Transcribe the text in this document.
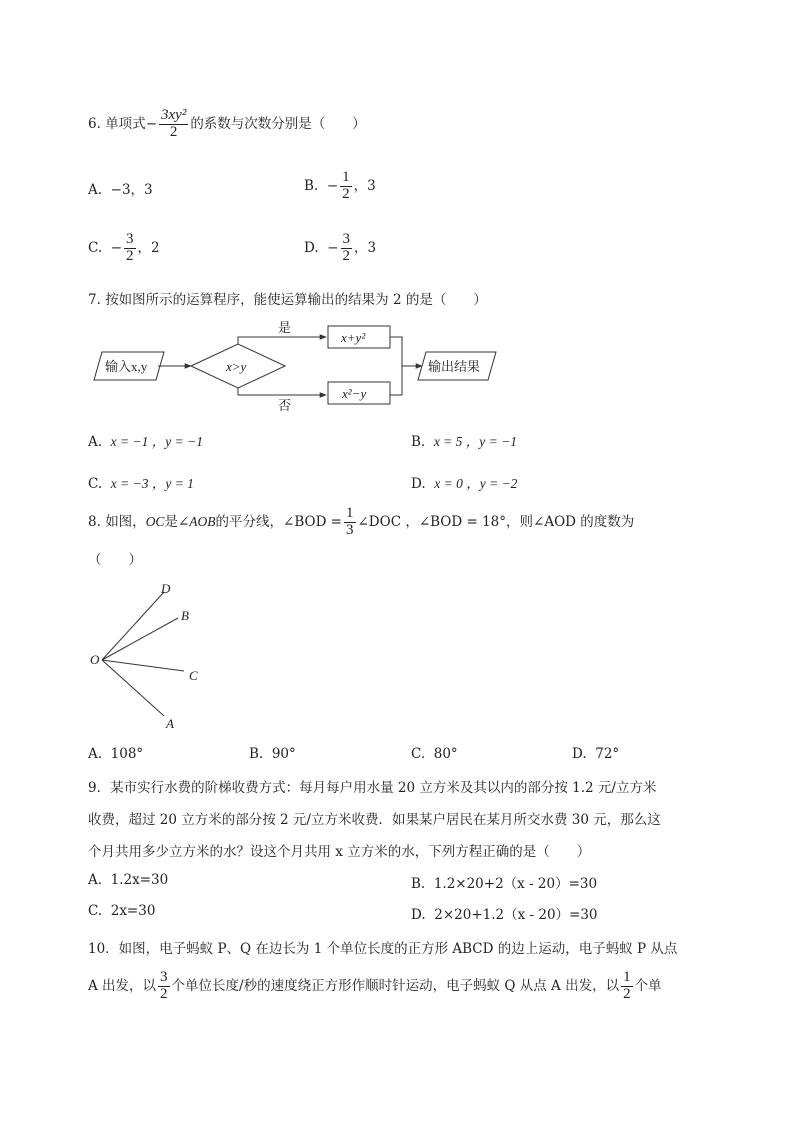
6. 单项式− $\frac{\text{3xy²}}{2}$ 的系数与次数分别是（　　）
A. −3，3	B. − $\frac{1}{2}$ ，3
C. − $\frac{3}{2}$ ，2	D. − $\frac{3}{2}$ ，3
7. 按如图所示的运算程序，能使运算输出的结果为 2 的是（　　）
输入x,y	x>y
是
否
x+y²
x²−y
输出结果
A. x = −1 ，y = −1	B. x = 5 ，y = −1
C. x = −3 ，y = 1	D. x = 0 ，y = −2
8. 如图，OC是∠AOB的平分线，∠BOD = $\frac{1}{3}$ ∠DOC ，∠BOD = 18°，则∠AOD 的度数为
（　　）
O
D
B
C
A
A. 108°	B. 90°	C. 80°	D. 72°
9．某市实行水费的阶梯收费方式：每月每户用水量 20 立方米及其以内的部分按 1.2 元/立方米
收费，超过 20 立方米的部分按 2 元/立方米收费．如果某户居民在某月所交水费 30 元，那么这
个月共用多少立方米的水？设这个月共用 x 立方米的水，下列方程正确的是（　　）
A. 1.2x=30	B. 1.2×20+2（x - 20）=30
C. 2x=30	D. 2×20+1.2（x - 20）=30
10．如图，电子蚂蚁 P、Q 在边长为 1 个单位长度的正方形 ABCD 的边上运动，电子蚂蚁 P 从点
A 出发，以 $\frac{3}{2}$ 个单位长度/秒的速度绕正方形作顺时针运动，电子蚂蚁 Q 从点 A 出发，以 $\frac{1}{2}$ 个单
